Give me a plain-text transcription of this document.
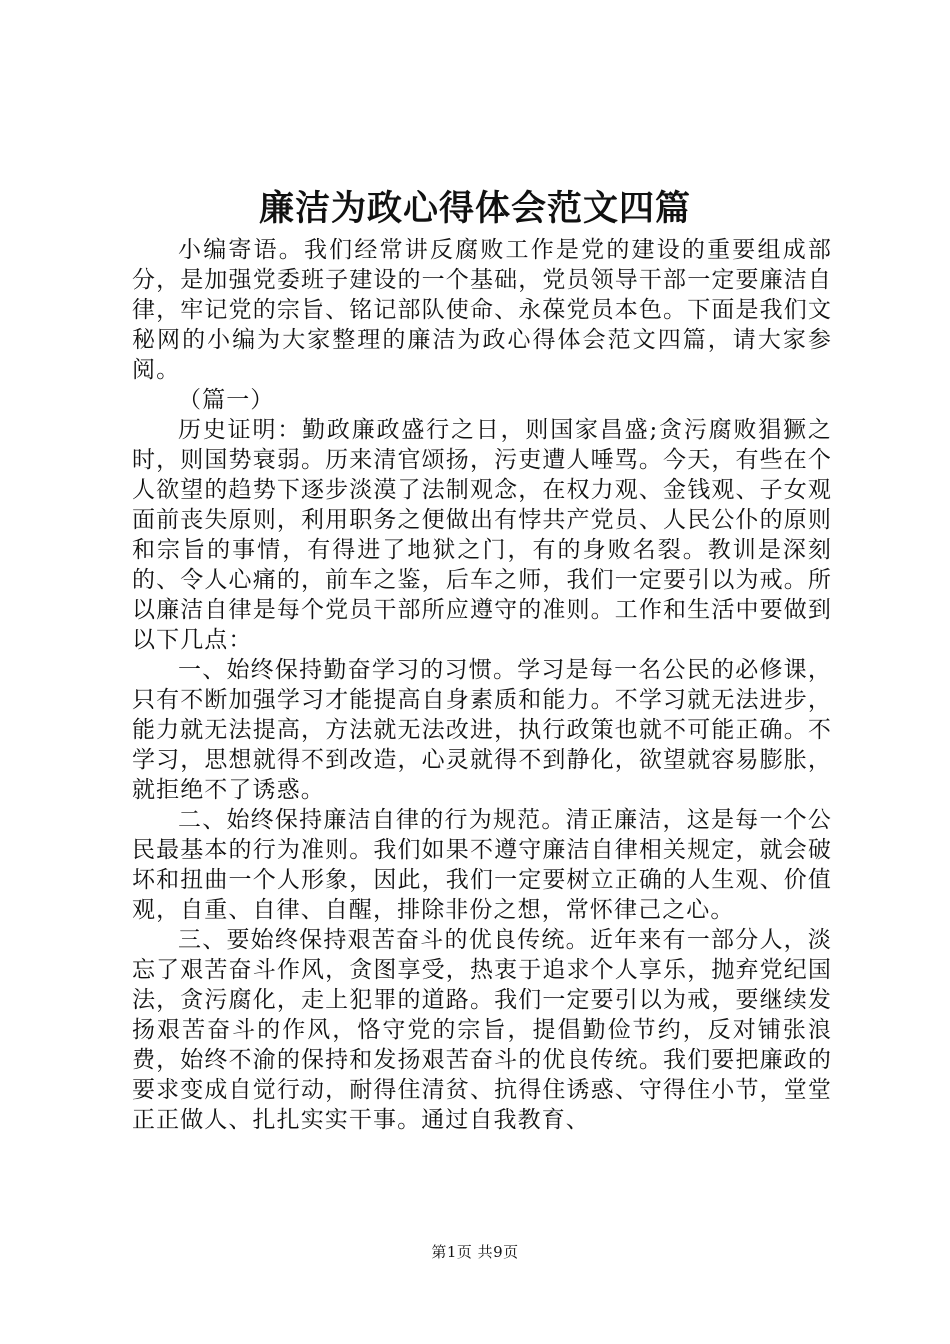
廉洁为政心得体会范文四篇

小编寄语。我们经常讲反腐败工作是党的建设的重要组成部分，是加强党委班子建设的一个基础，党员领导干部一定要廉洁自律，牢记党的宗旨、铭记部队使命、永葆党员本色。下面是我们文秘网的小编为大家整理的廉洁为政心得体会范文四篇，请大家参阅。

（篇一）

历史证明：勤政廉政盛行之日，则国家昌盛;贪污腐败猖獗之时，则国势衰弱。历来清官颂扬，污吏遭人唾骂。今天，有些在个人欲望的趋势下逐步淡漠了法制观念，在权力观、金钱观、子女观面前丧失原则，利用职务之便做出有悖共产党员、人民公仆的原则和宗旨的事情，有得进了地狱之门，有的身败名裂。教训是深刻的、令人心痛的，前车之鉴，后车之师，我们一定要引以为戒。所以廉洁自律是每个党员干部所应遵守的准则。工作和生活中要做到以下几点：

一、始终保持勤奋学习的习惯。学习是每一名公民的必修课，只有不断加强学习才能提高自身素质和能力。不学习就无法进步，能力就无法提高，方法就无法改进，执行政策也就不可能正确。不学习，思想就得不到改造，心灵就得不到静化，欲望就容易膨胀，就拒绝不了诱惑。

二、始终保持廉洁自律的行为规范。清正廉洁，这是每一个公民最基本的行为准则。我们如果不遵守廉洁自律相关规定，就会破坏和扭曲一个人形象，因此，我们一定要树立正确的人生观、价值观，自重、自律、自醒，排除非份之想，常怀律己之心。

三、要始终保持艰苦奋斗的优良传统。近年来有一部分人，淡忘了艰苦奋斗作风，贪图享受，热衷于追求个人享乐，抛弃党纪国法，贪污腐化，走上犯罪的道路。我们一定要引以为戒，要继续发扬艰苦奋斗的作风，恪守党的宗旨，提倡勤俭节约，反对铺张浪费，始终不渝的保持和发扬艰苦奋斗的优良传统。我们要把廉政的要求变成自觉行动，耐得住清贫、抗得住诱惑、守得住小节，堂堂正正做人、扎扎实实干事。通过自我教育、

第1页 共9页
